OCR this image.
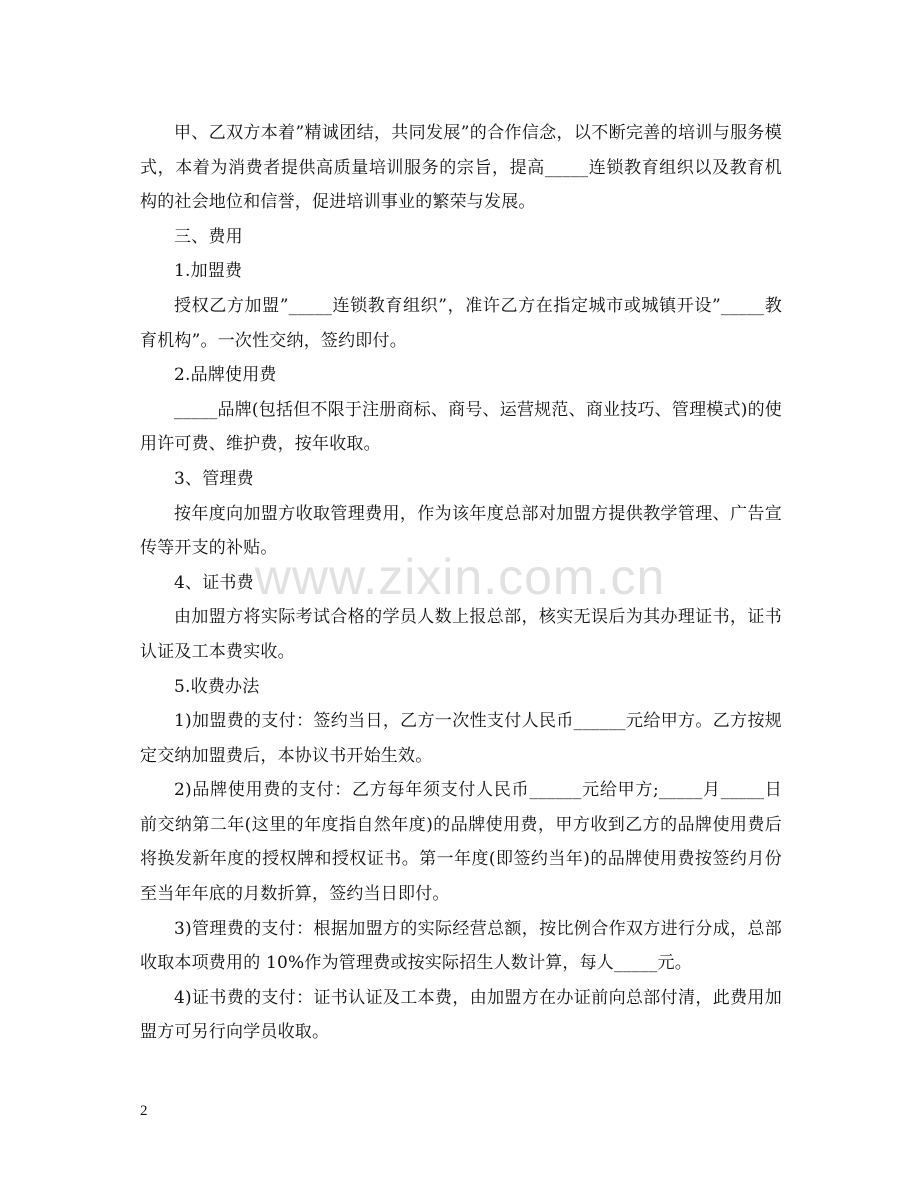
甲、乙双方本着”精诚团结，共同发展”的合作信念，以不断完善的培训与服务模式，本着为消费者提供高质量培训服务的宗旨，提高_____连锁教育组织以及教育机构的社会地位和信誉，促进培训事业的繁荣与发展。

三、费用

1.加盟费

授权乙方加盟”_____连锁教育组织”，准许乙方在指定城市或城镇开设”_____教育机构”。一次性交纳，签约即付。

2.品牌使用费

_____品牌(包括但不限于注册商标、商号、运营规范、商业技巧、管理模式)的使用许可费、维护费，按年收取。

3、管理费

按年度向加盟方收取管理费用，作为该年度总部对加盟方提供教学管理、广告宣传等开支的补贴。

4、证书费

由加盟方将实际考试合格的学员人数上报总部，核实无误后为其办理证书，证书认证及工本费实收。

5.收费办法

1)加盟费的支付：签约当日，乙方一次性支付人民币______元给甲方。乙方按规定交纳加盟费后，本协议书开始生效。

2)品牌使用费的支付：乙方每年须支付人民币______元给甲方;_____月_____日前交纳第二年(这里的年度指自然年度)的品牌使用费，甲方收到乙方的品牌使用费后将换发新年度的授权牌和授权证书。第一年度(即签约当年)的品牌使用费按签约月份至当年年底的月数折算，签约当日即付。

3)管理费的支付：根据加盟方的实际经营总额，按比例合作双方进行分成，总部收取本项费用的 10%作为管理费或按实际招生人数计算，每人_____元。

4)证书费的支付：证书认证及工本费，由加盟方在办证前向总部付清，此费用加盟方可另行向学员收取。

www.zixin.com.cn
2
